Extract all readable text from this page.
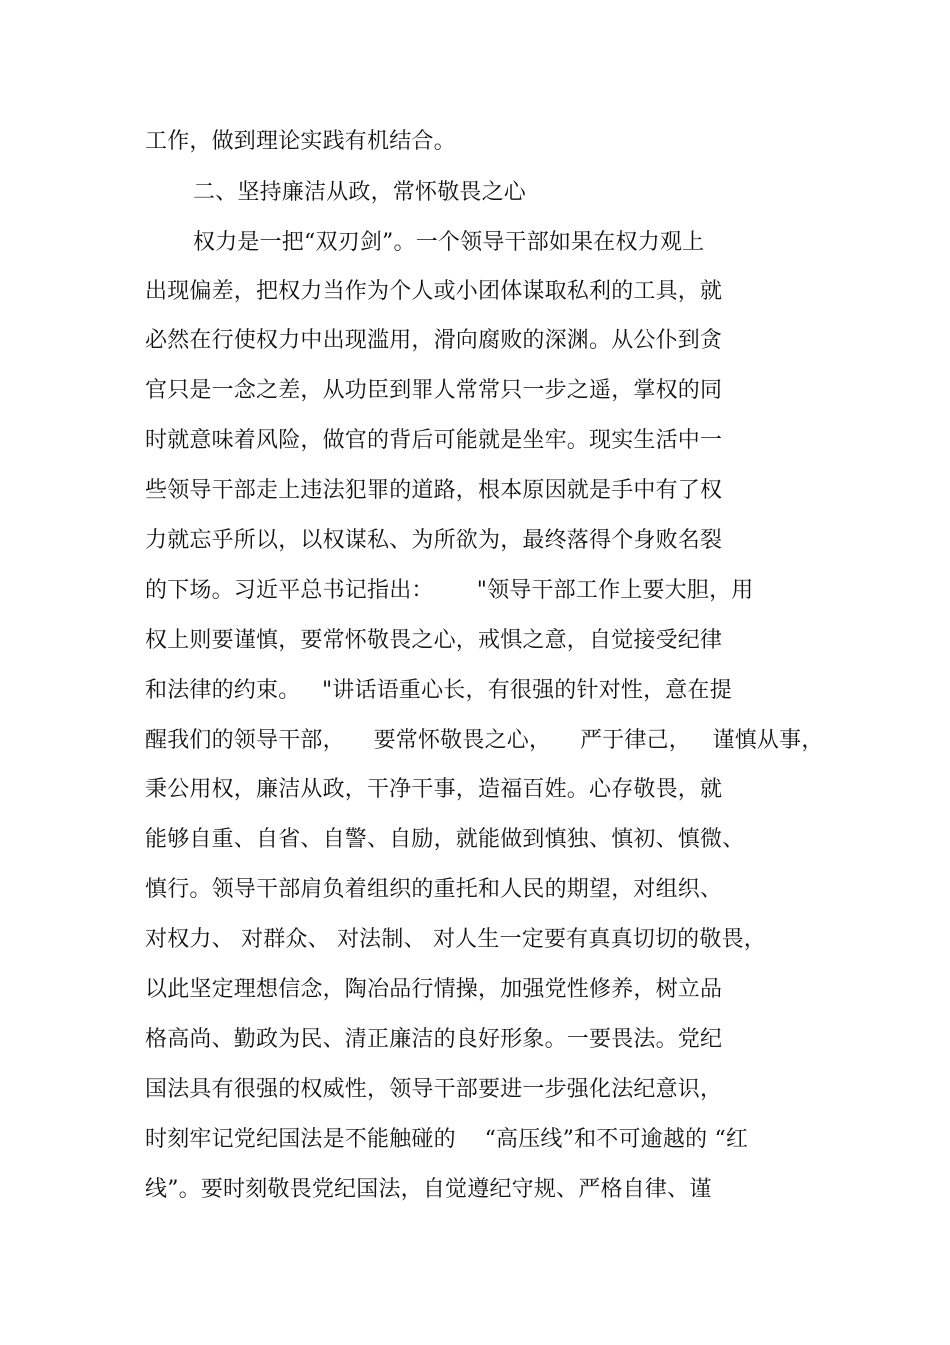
工作，做到理论实践有机结合。
二、坚持廉洁从政，常怀敬畏之心
权力是一把“双刃剑”。一个领导干部如果在权力观上
出现偏差，把权力当作为个人或小团体谋取私利的工具，就
必然在行使权力中出现滥用，滑向腐败的深渊。从公仆到贪
官只是一念之差，从功臣到罪人常常只一步之遥，掌权的同
时就意味着风险，做官的背后可能就是坐牢。现实生活中一
些领导干部走上违法犯罪的道路，根本原因就是手中有了权
力就忘乎所以，以权谋私、为所欲为，最终落得个身败名裂
的下场。习近平总书记指出：      "领导干部工作上要大胆，用
权上则要谨慎，要常怀敬畏之心，戒惧之意，自觉接受纪律
和法律的约束。   "讲话语重心长，有很强的针对性，意在提
醒我们的领导干部，    要常怀敬畏之心，    严于律己，   谨慎从事，
秉公用权，廉洁从政，干净干事，造福百姓。心存敬畏，就
能够自重、自省、自警、自励，就能做到慎独、慎初、慎微、
慎行。领导干部肩负着组织的重托和人民的期望，对组织、
对权力、 对群众、 对法制、 对人生一定要有真真切切的敬畏，
以此坚定理想信念，陶冶品行情操，加强党性修养，树立品
格高尚、勤政为民、清正廉洁的良好形象。一要畏法。党纪
国法具有很强的权威性，领导干部要进一步强化法纪意识，
时刻牢记党纪国法是不能触碰的    “高压线”和不可逾越的 “红
线”。要时刻敬畏党纪国法，自觉遵纪守规、严格自律、谨
